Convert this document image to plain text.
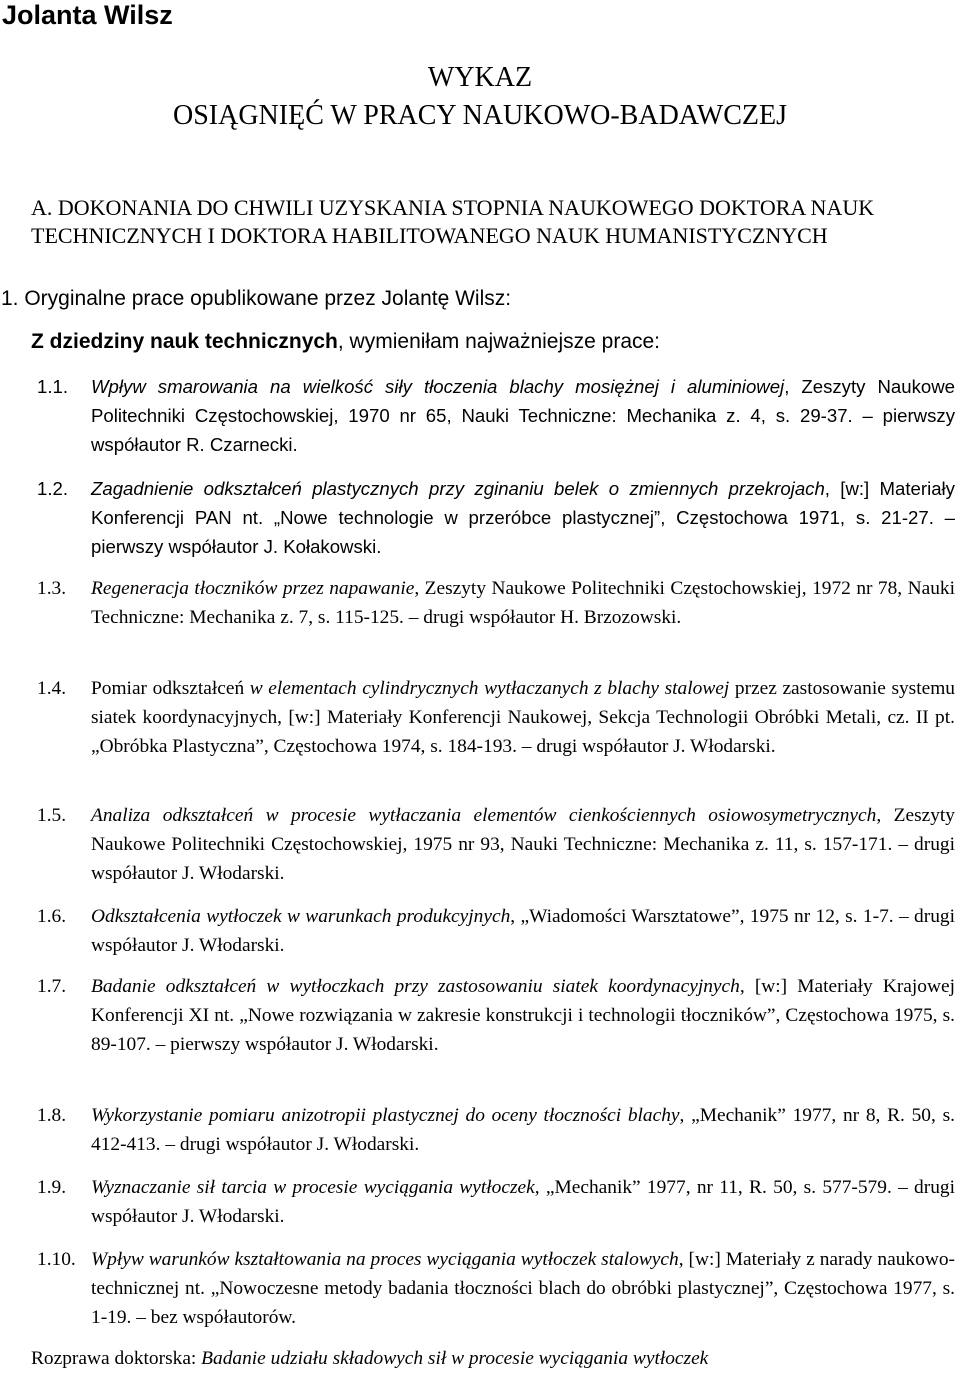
Jolanta Wilsz
WYKAZ
OSIĄGNIĘĆ W PRACY NAUKOWO-BADAWCZEJ
A. DOKONANIA DO CHWILI UZYSKANIA STOPNIA NAUKOWEGO DOKTORA NAUK TECHNICZNYCH I DOKTORA HABILITOWANEGO NAUK HUMANISTYCZNYCH
1. Oryginalne prace opublikowane przez Jolantę Wilsz:
Z dziedziny nauk technicznych, wymieniłam najważniejsze prace:
1.1. Wpływ smarowania na wielkość siły tłoczenia blachy mosiężnej i aluminiowej, Zeszyty Naukowe Politechniki Częstochowskiej, 1970 nr 65, Nauki Techniczne: Mechanika z. 4, s. 29-37. – pierwszy współautor R. Czarnecki.
1.2. Zagadnienie odkształceń plastycznych przy zginaniu belek o zmiennych przekrojach, [w:] Materiały Konferencji PAN nt. „Nowe technologie w przeróbce plastycznej”, Częstochowa 1971, s. 21-27. – pierwszy współautor J. Kołakowski.
1.3. Regeneracja tłoczników przez napawanie, Zeszyty Naukowe Politechniki Częstochowskiej, 1972 nr 78, Nauki Techniczne: Mechanika z. 7, s. 115-125. – drugi współautor H. Brzozowski.
1.4. Pomiar odkształceń w elementach cylindrycznych wytłaczanych z blachy stalowej przez zastosowanie systemu siatek koordynacyjnych, [w:] Materiały Konferencji Naukowej, Sekcja Technologii Obróbki Metali, cz. II pt. „Obróbka Plastyczna”, Częstochowa 1974, s. 184-193. – drugi współautor J. Włodarski.
1.5. Analiza odkształceń w procesie wytłaczania elementów cienkościennych osiowosymetrycznych, Zeszyty Naukowe Politechniki Częstochowskiej, 1975 nr 93, Nauki Techniczne: Mechanika z. 11, s. 157-171. – drugi współautor J. Włodarski.
1.6. Odkształcenia wytłoczek w warunkach produkcyjnych, „Wiadomości Warsztatowe”, 1975 nr 12, s. 1-7. – drugi współautor J. Włodarski.
1.7. Badanie odkształceń w wytłoczkach przy zastosowaniu siatek koordynacyjnych, [w:] Materiały Krajowej Konferencji XI nt. „Nowe rozwiązania w zakresie konstrukcji i technologii tłoczników”, Częstochowa 1975, s. 89-107. – pierwszy współautor J. Włodarski.
1.8. Wykorzystanie pomiaru anizotropii plastycznej do oceny tłoczności blachy, „Mechanik” 1977, nr 8, R. 50, s. 412-413. – drugi współautor J. Włodarski.
1.9. Wyznaczanie sił tarcia w procesie wyciągania wytłoczek, „Mechanik” 1977, nr 11, R. 50, s. 577-579. – drugi współautor J. Włodarski.
1.10. Wpływ warunków kształtowania na proces wyciągania wytłoczek stalowych, [w:] Materiały z narady naukowo-technicznej nt. „Nowoczesne metody badania tłoczności blach do obróbki plastycznej”, Częstochowa 1977, s. 1-19. – bez współautorów.
Rozprawa doktorska: Badanie udziału składowych sił w procesie wyciągania wytłoczek
